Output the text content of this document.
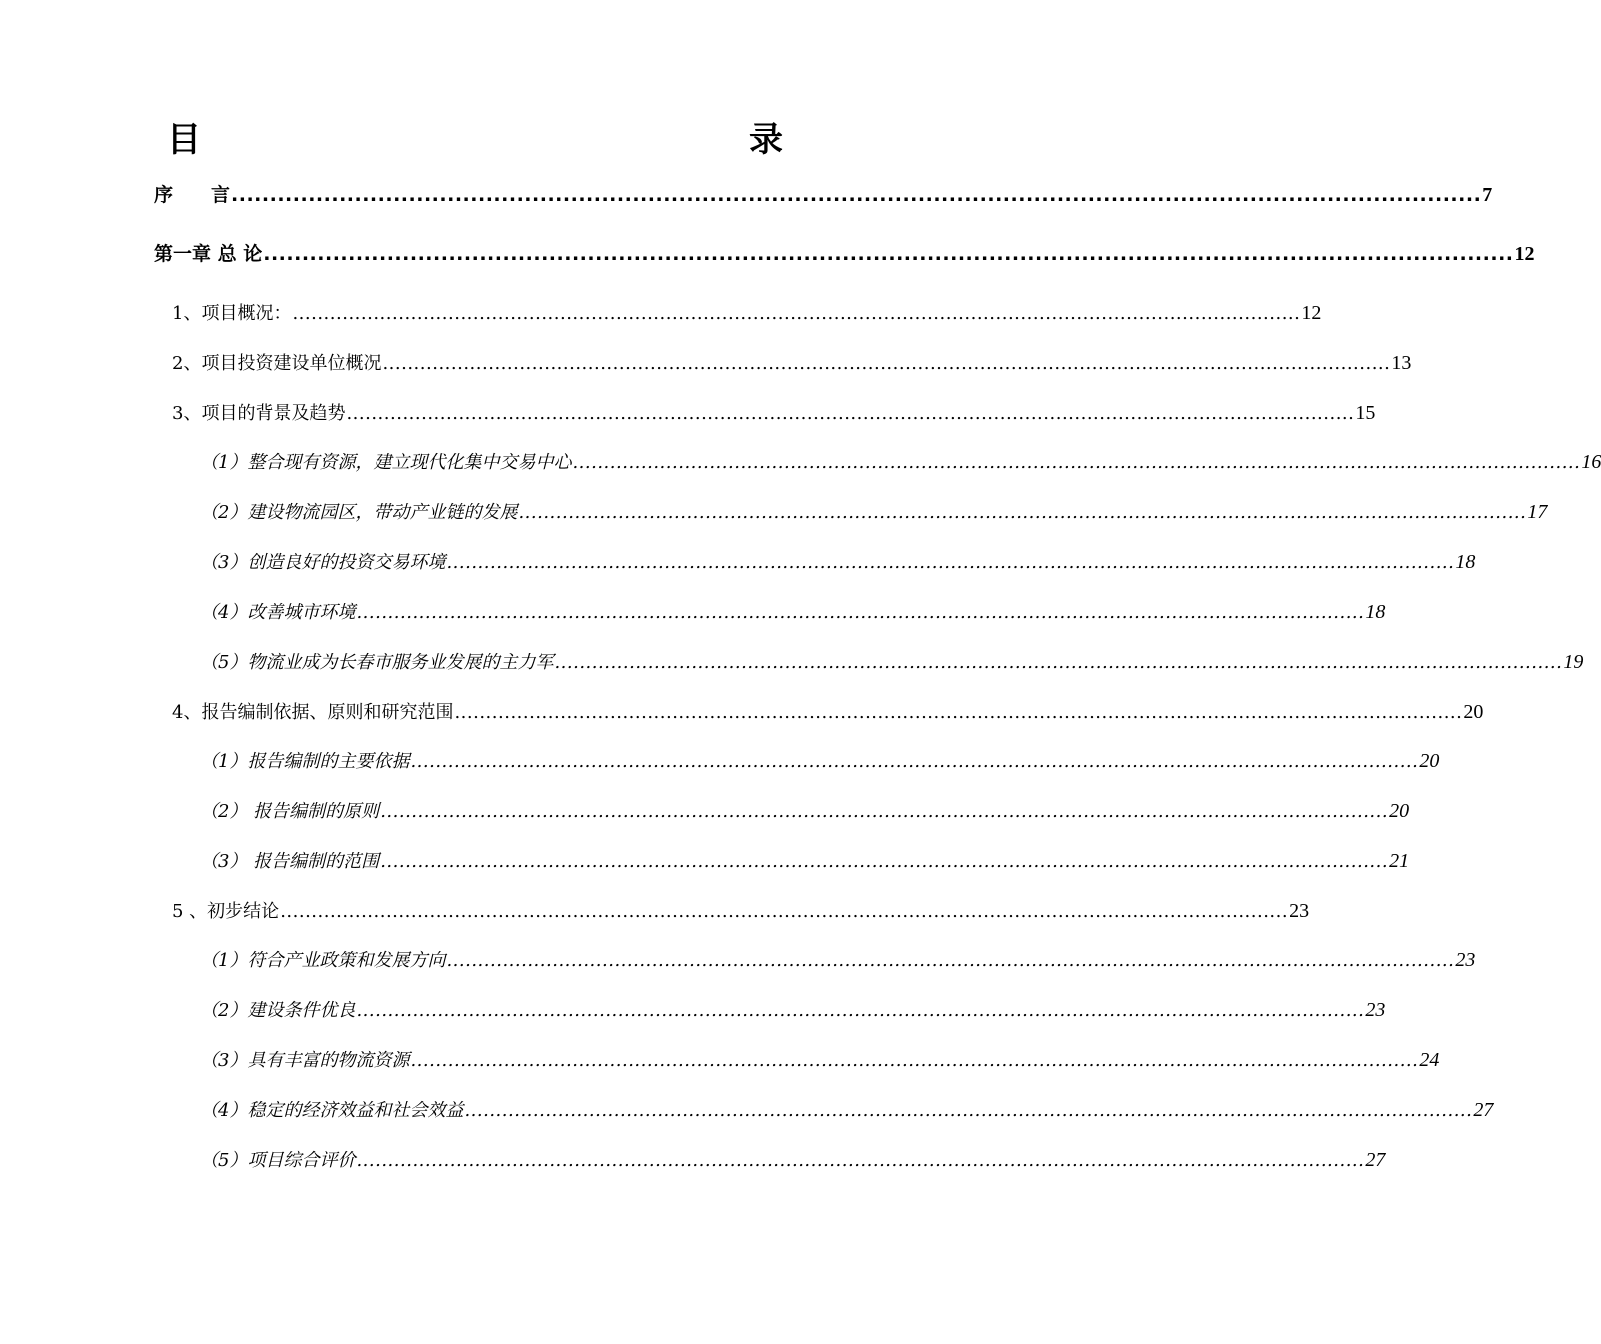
目　　录
序　　言 .................................................................................................................................................................. 7
第一章 总 论 .................................................................................................................................................................. 12
1、项目概况： .................................................................................................................................................................. 12
2、项目投资建设单位概况 .................................................................................................................................................................. 13
3、项目的背景及趋势 .................................................................................................................................................................. 15
（1）整合现有资源，建立现代化集中交易中心 .................................................................................................................................................................. 16
（2）建设物流园区，带动产业链的发展 .................................................................................................................................................................. 17
（3）创造良好的投资交易环境 .................................................................................................................................................................. 18
（4）改善城市环境 .................................................................................................................................................................. 18
（5）物流业成为长春市服务业发展的主力军 .................................................................................................................................................................. 19
4、报告编制依据、原则和研究范围 .................................................................................................................................................................. 20
（1）报告编制的主要依据 .................................................................................................................................................................. 20
（2） 报告编制的原则 .................................................................................................................................................................. 20
（3） 报告编制的范围 .................................................................................................................................................................. 21
5 、初步结论 .................................................................................................................................................................. 23
（1）符合产业政策和发展方向 .................................................................................................................................................................. 23
（2）建设条件优良 .................................................................................................................................................................. 23
（3）具有丰富的物流资源 .................................................................................................................................................................. 24
（4）稳定的经济效益和社会效益 .................................................................................................................................................................. 27
（5）项目综合评价 .................................................................................................................................................................. 27
